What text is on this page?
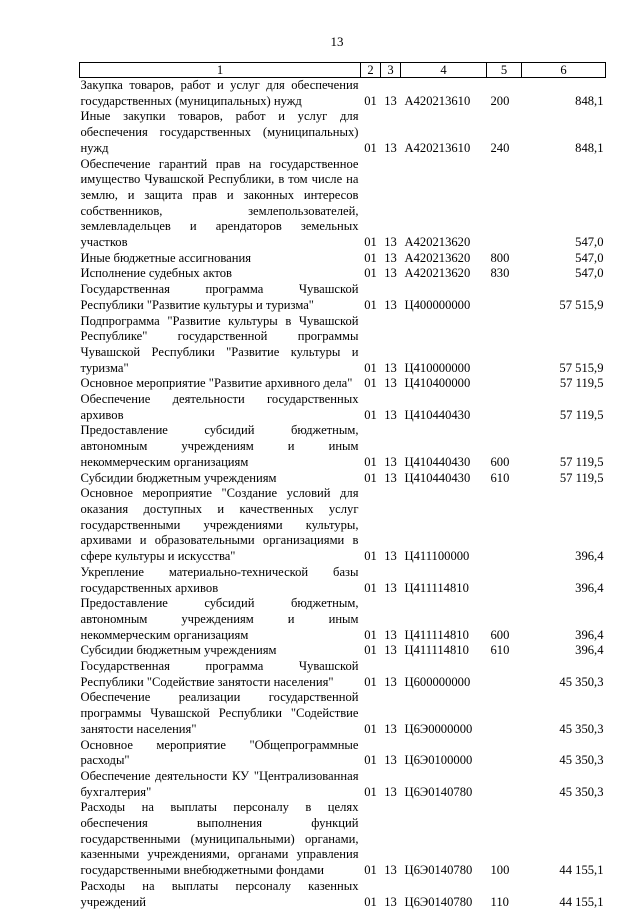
13
1	2	3	4	5	6
Закупка товаров, работ и услуг для обеспечения государственных (муниципальных) нужд	01	13	А420213610	200	848,1
Иные закупки товаров, работ и услуг для обеспечения государственных (муниципальных) нужд	01	13	А420213610	240	848,1
Обеспечение гарантий прав на государственное имущество Чувашской Республики, в том числе на землю, и защита прав и законных интересов собственников, землепользователей, землевладельцев и арендаторов земельных участков	01	13	А420213620		547,0
Иные бюджетные ассигнования	01	13	А420213620	800	547,0
Исполнение судебных актов	01	13	А420213620	830	547,0
Государственная программа Чувашской Республики "Развитие культуры и туризма"	01	13	Ц400000000		57 515,9
Подпрограмма "Развитие культуры в Чувашской Республике" государственной программы Чувашской Республики "Развитие культуры и туризма"	01	13	Ц410000000		57 515,9
Основное мероприятие "Развитие архивного дела"	01	13	Ц410400000		57 119,5
Обеспечение деятельности государственных архивов	01	13	Ц410440430		57 119,5
Предоставление субсидий бюджетным, автономным учреждениям и иным некоммерческим организациям	01	13	Ц410440430	600	57 119,5
Субсидии бюджетным учреждениям	01	13	Ц410440430	610	57 119,5
Основное мероприятие "Создание условий для оказания доступных и качественных услуг государственными учреждениями культуры, архивами и образовательными организациями в сфере культуры и искусства"	01	13	Ц411100000		396,4
Укрепление материально-технической базы государственных архивов	01	13	Ц411114810		396,4
Предоставление субсидий бюджетным, автономным учреждениям и иным некоммерческим организациям	01	13	Ц411114810	600	396,4
Субсидии бюджетным учреждениям	01	13	Ц411114810	610	396,4
Государственная программа Чувашской Республики "Содействие занятости населения"	01	13	Ц600000000		45 350,3
Обеспечение реализации государственной программы Чувашской Республики "Содействие занятости населения"	01	13	Ц6Э0000000		45 350,3
Основное мероприятие "Общепрограммные расходы"	01	13	Ц6Э0100000		45 350,3
Обеспечение деятельности КУ "Централизованная бухгалтерия"	01	13	Ц6Э0140780		45 350,3
Расходы на выплаты персоналу в целях обеспечения выполнения функций государственными (муниципальными) органами, казенными учреждениями, органами управления государственными внебюджетными фондами	01	13	Ц6Э0140780	100	44 155,1
Расходы на выплаты персоналу казенных учреждений	01	13	Ц6Э0140780	110	44 155,1
